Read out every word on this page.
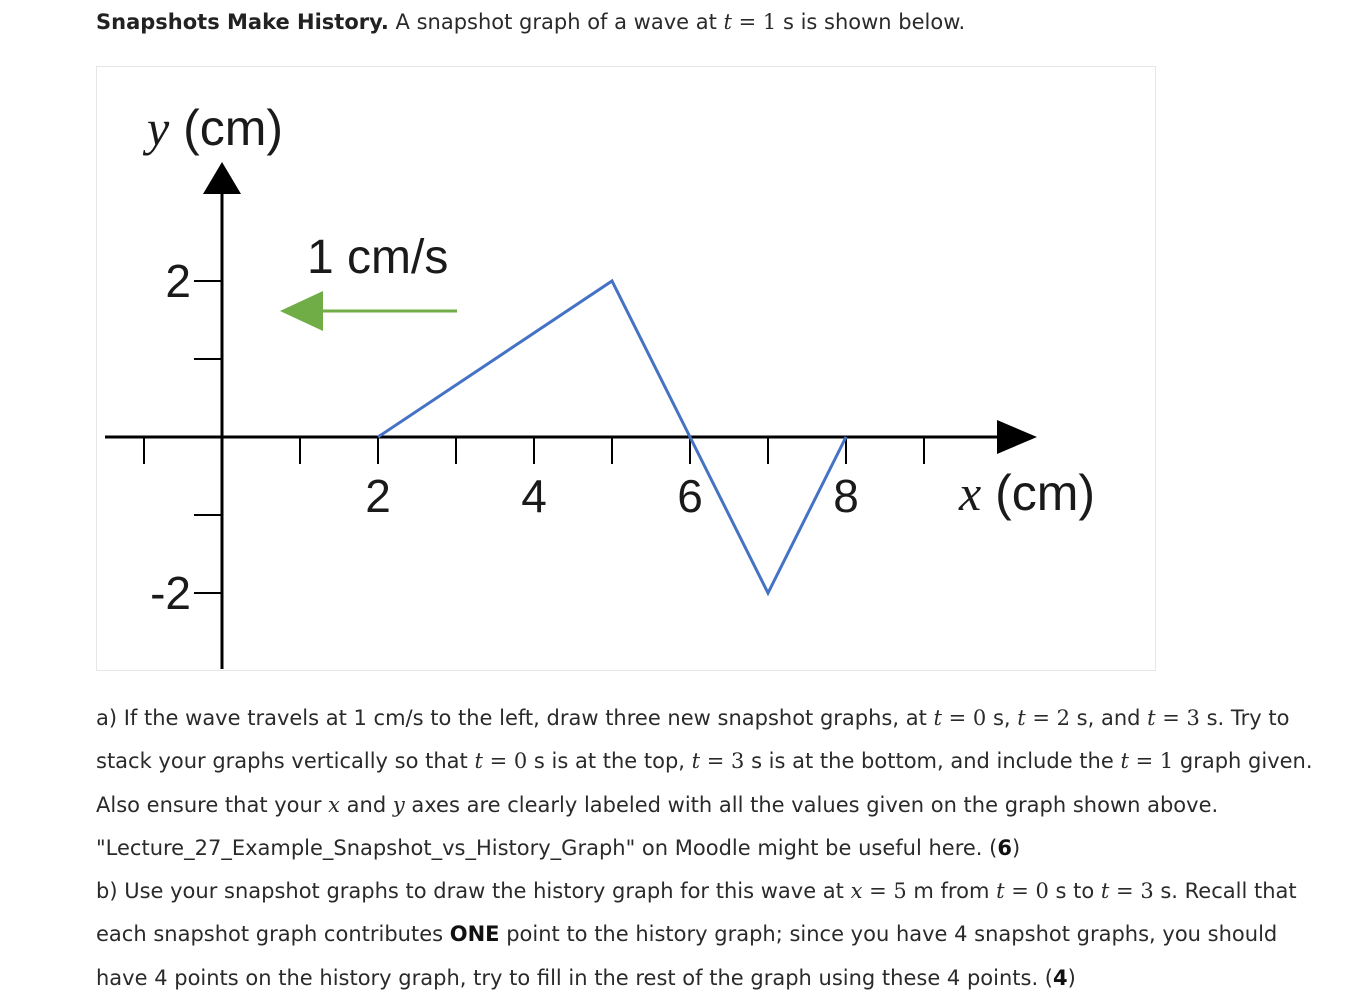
Snapshots Make History. A snapshot graph of a wave at t = 1 s is shown below.
1 cm/s
2	4	6	8
2
-2
y (cm)
x (cm)

a) If the wave travels at 1 cm/s to the left, draw three new snapshot graphs, at t = 0 s, t = 2 s, and t = 3 s. Try to stack your graphs vertically so that t = 0 s is at the top, t = 3 s is at the bottom, and include the t = 1 graph given. Also ensure that your x and y axes are clearly labeled with all the values given on the graph shown above. "Lecture_27_Example_Snapshot_vs_History_Graph" on Moodle might be useful here. (6)

b) Use your snapshot graphs to draw the history graph for this wave at x = 5 m from t = 0 s to t = 3 s. Recall that each snapshot graph contributes ONE point to the history graph; since you have 4 snapshot graphs, you should have 4 points on the history graph, try to fill in the rest of the graph using these 4 points. (4)
